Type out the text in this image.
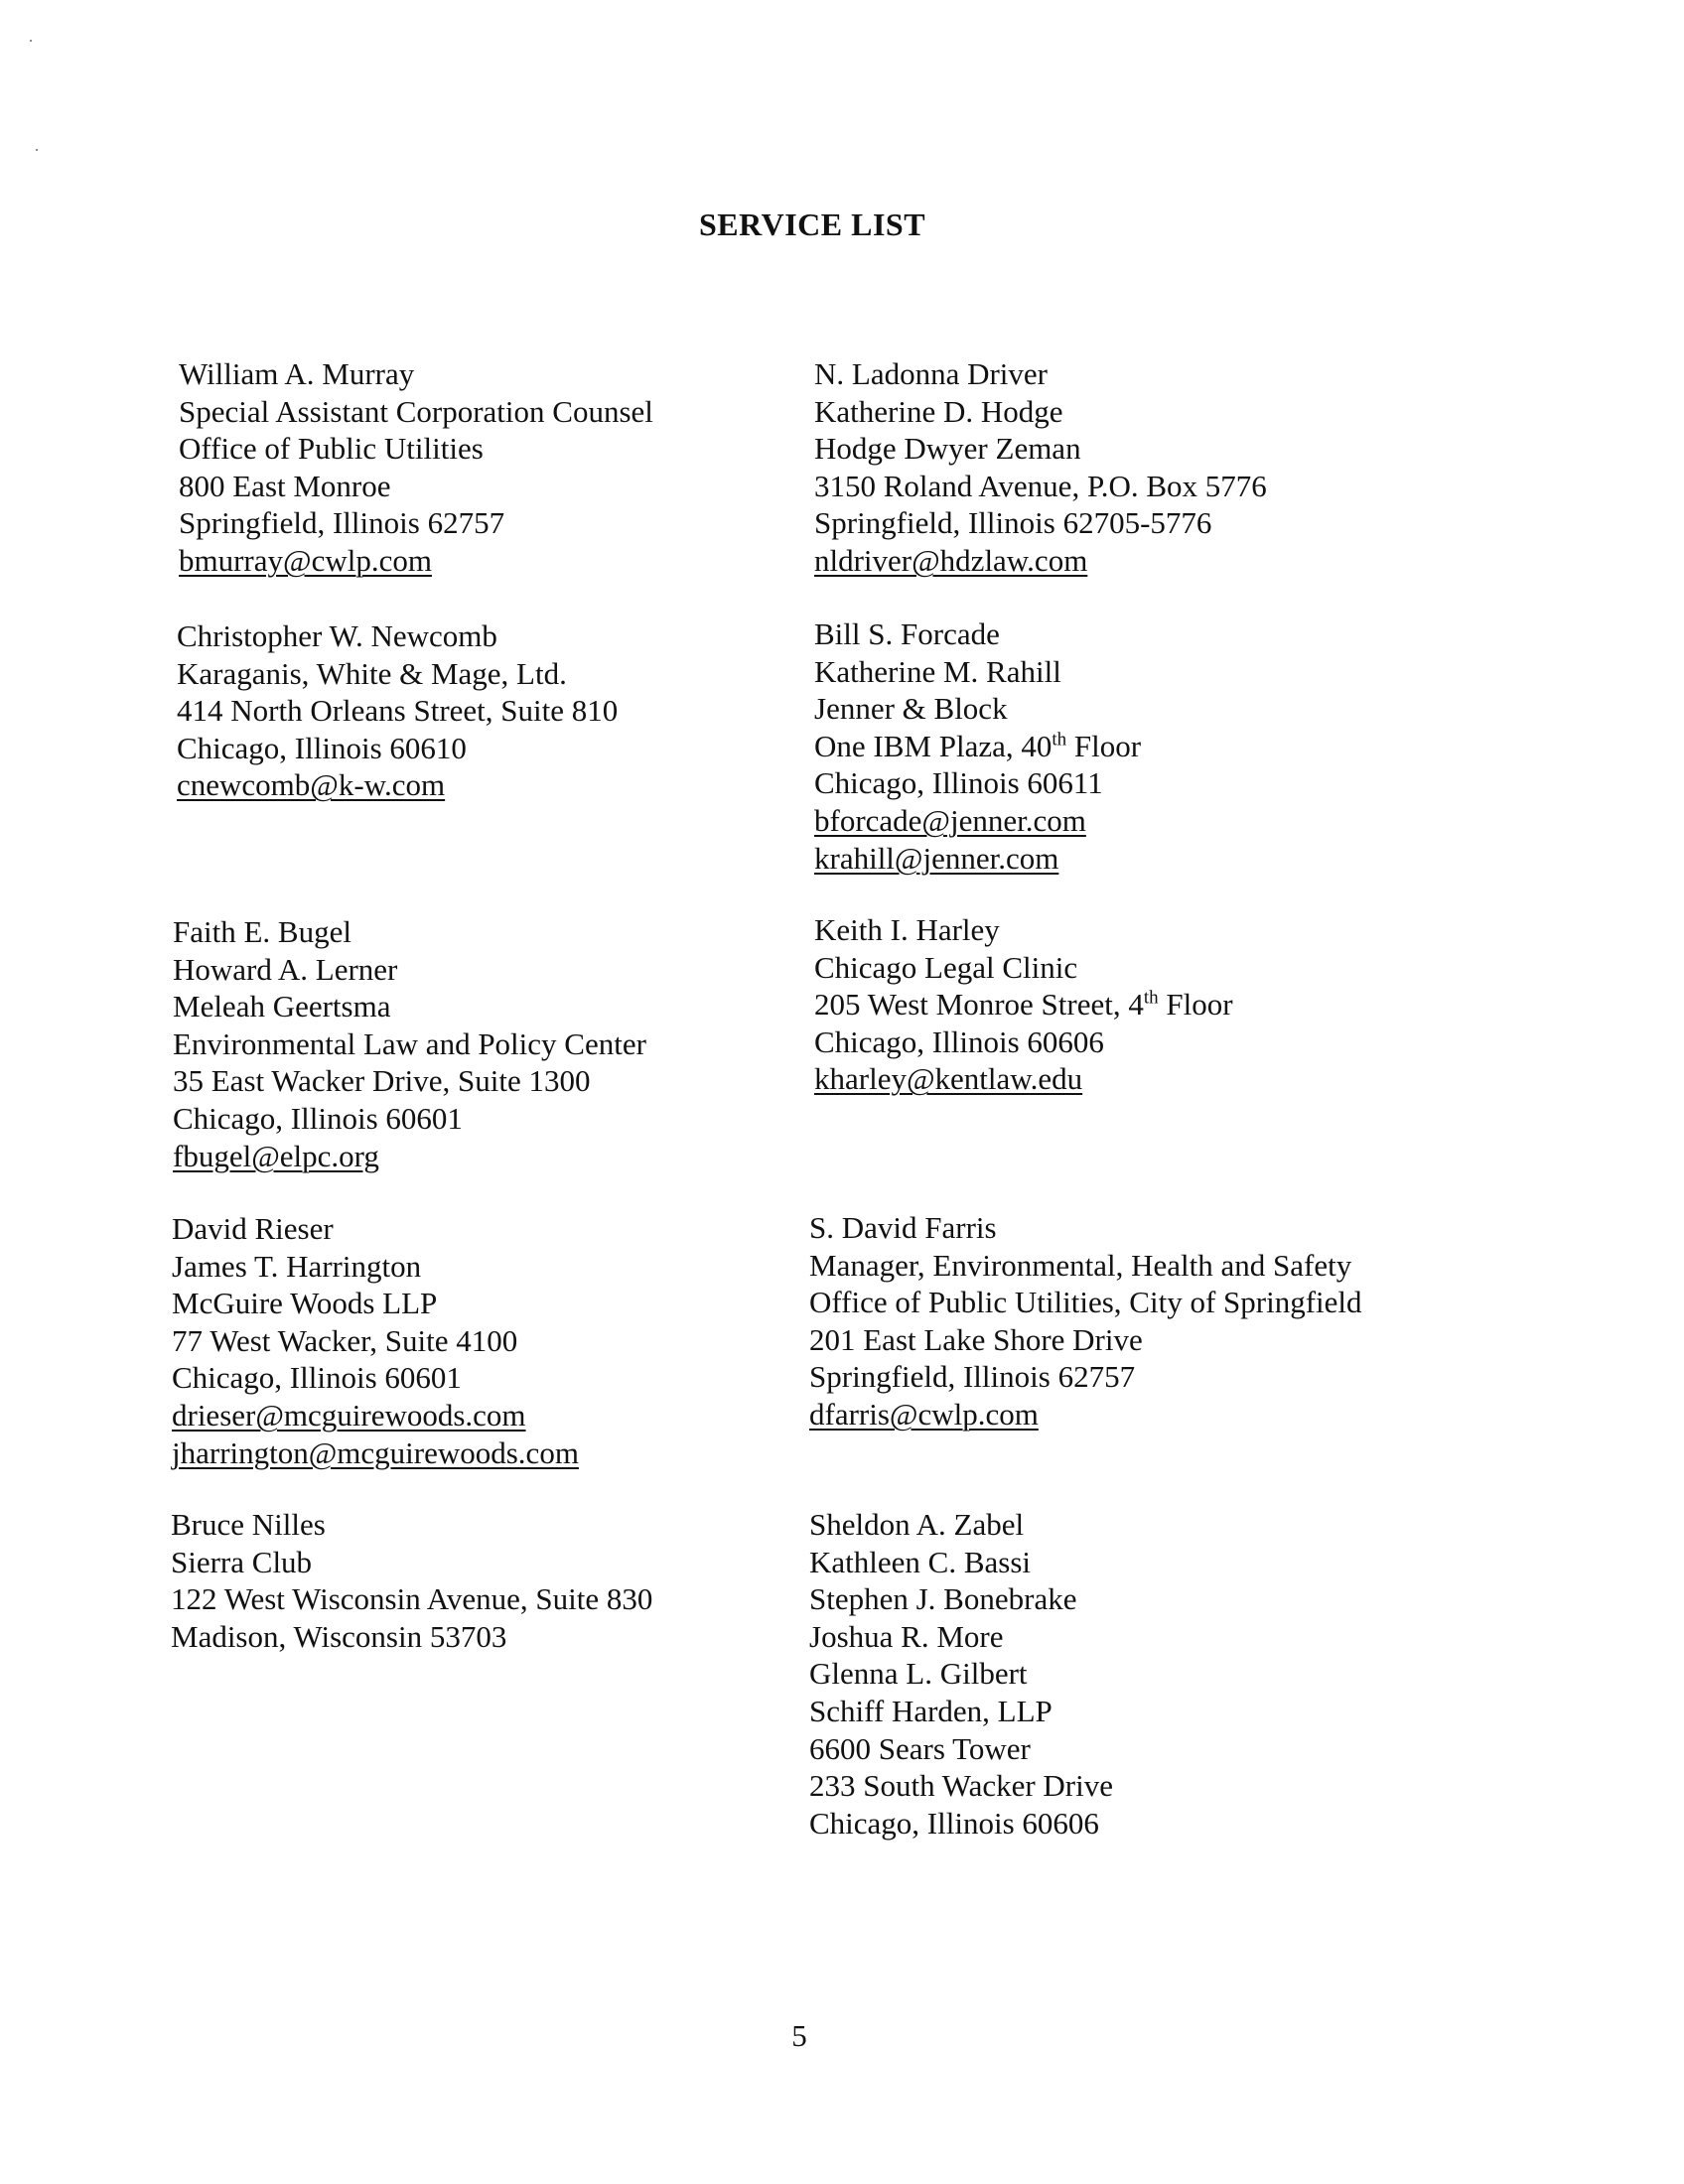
SERVICE LIST
William A. Murray
Special Assistant Corporation Counsel
Office of Public Utilities
800 East Monroe
Springfield, Illinois 62757
bmurray@cwlp.com
Christopher W. Newcomb
Karaganis, White & Mage, Ltd.
414 North Orleans Street, Suite 810
Chicago, Illinois 60610
cnewcomb@k-w.com
Faith E. Bugel
Howard A. Lerner
Meleah Geertsma
Environmental Law and Policy Center
35 East Wacker Drive, Suite 1300
Chicago, Illinois 60601
fbugel@elpc.org
David Rieser
James T. Harrington
McGuire Woods LLP
77 West Wacker, Suite 4100
Chicago, Illinois 60601
drieser@mcguirewoods.com
jharrington@mcguirewoods.com
Bruce Nilles
Sierra Club
122 West Wisconsin Avenue, Suite 830
Madison, Wisconsin 53703
N. Ladonna Driver
Katherine D. Hodge
Hodge Dwyer Zeman
3150 Roland Avenue, P.O. Box 5776
Springfield, Illinois 62705-5776
nldriver@hdzlaw.com
Bill S. Forcade
Katherine M. Rahill
Jenner & Block
One IBM Plaza, 40th Floor
Chicago, Illinois 60611
bforcade@jenner.com
krahill@jenner.com
Keith I. Harley
Chicago Legal Clinic
205 West Monroe Street, 4th Floor
Chicago, Illinois 60606
kharley@kentlaw.edu
S. David Farris
Manager, Environmental, Health and Safety
Office of Public Utilities, City of Springfield
201 East Lake Shore Drive
Springfield, Illinois 62757
dfarris@cwlp.com
Sheldon A. Zabel
Kathleen C. Bassi
Stephen J. Bonebrake
Joshua R. More
Glenna L. Gilbert
Schiff Harden, LLP
6600 Sears Tower
233 South Wacker Drive
Chicago, Illinois 60606
5
